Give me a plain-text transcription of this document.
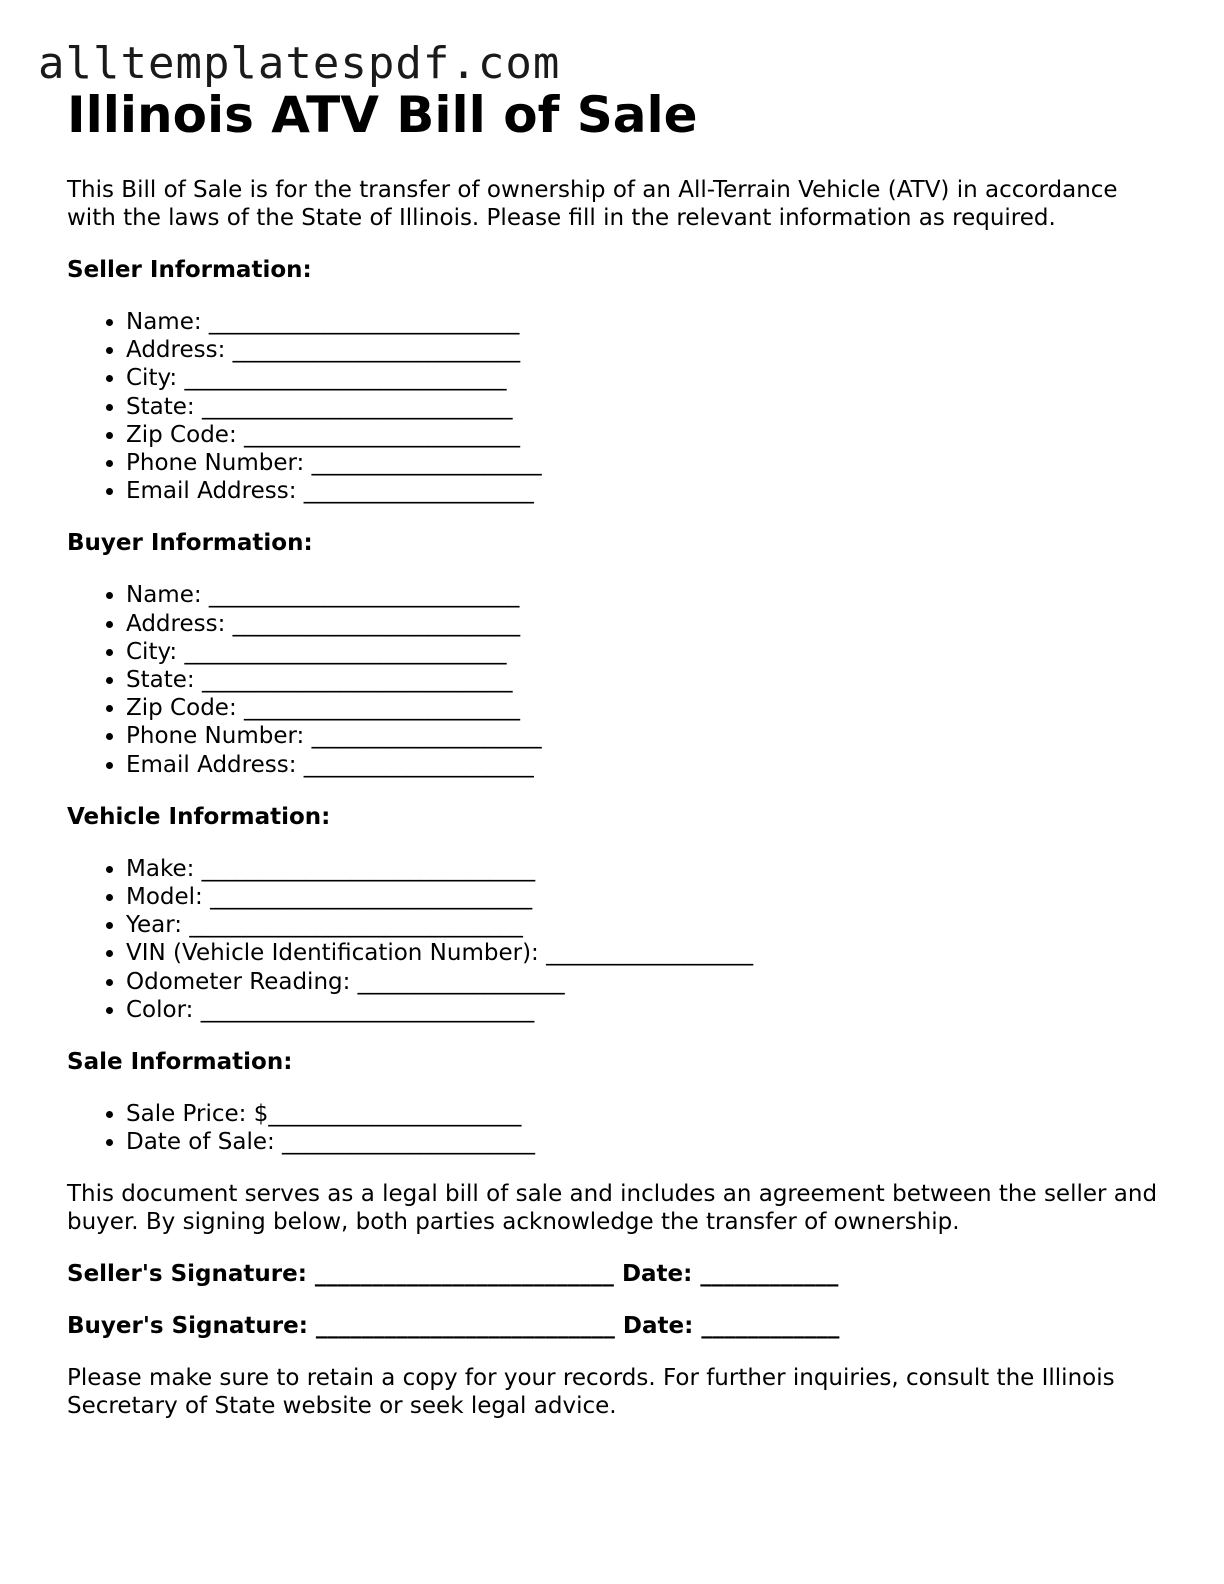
alltemplatespdf.com
Illinois ATV Bill of Sale

This Bill of Sale is for the transfer of ownership of an All-Terrain Vehicle (ATV) in accordance with the laws of the State of Illinois. Please fill in the relevant information as required.

Seller Information:
• Name: ___________________________
• Address: _________________________
• City: ____________________________
• State: ___________________________
• Zip Code: ________________________
• Phone Number: ____________________
• Email Address: ____________________
Buyer Information:
• Name: ___________________________
• Address: _________________________
• City: ____________________________
• State: ___________________________
• Zip Code: ________________________
• Phone Number: ____________________
• Email Address: ____________________
Vehicle Information:
• Make: _____________________________
• Model: ____________________________
• Year: _____________________________
• VIN (Vehicle Identification Number): __________________
• Odometer Reading: __________________
• Color: _____________________________
Sale Information:
• Sale Price: $______________________
• Date of Sale: ______________________

This document serves as a legal bill of sale and includes an agreement between the seller and buyer. By signing below, both parties acknowledge the transfer of ownership.

Seller's Signature: __________________________ Date: ____________
Buyer's Signature: __________________________ Date: ____________

Please make sure to retain a copy for your records. For further inquiries, consult the Illinois Secretary of State website or seek legal advice.
